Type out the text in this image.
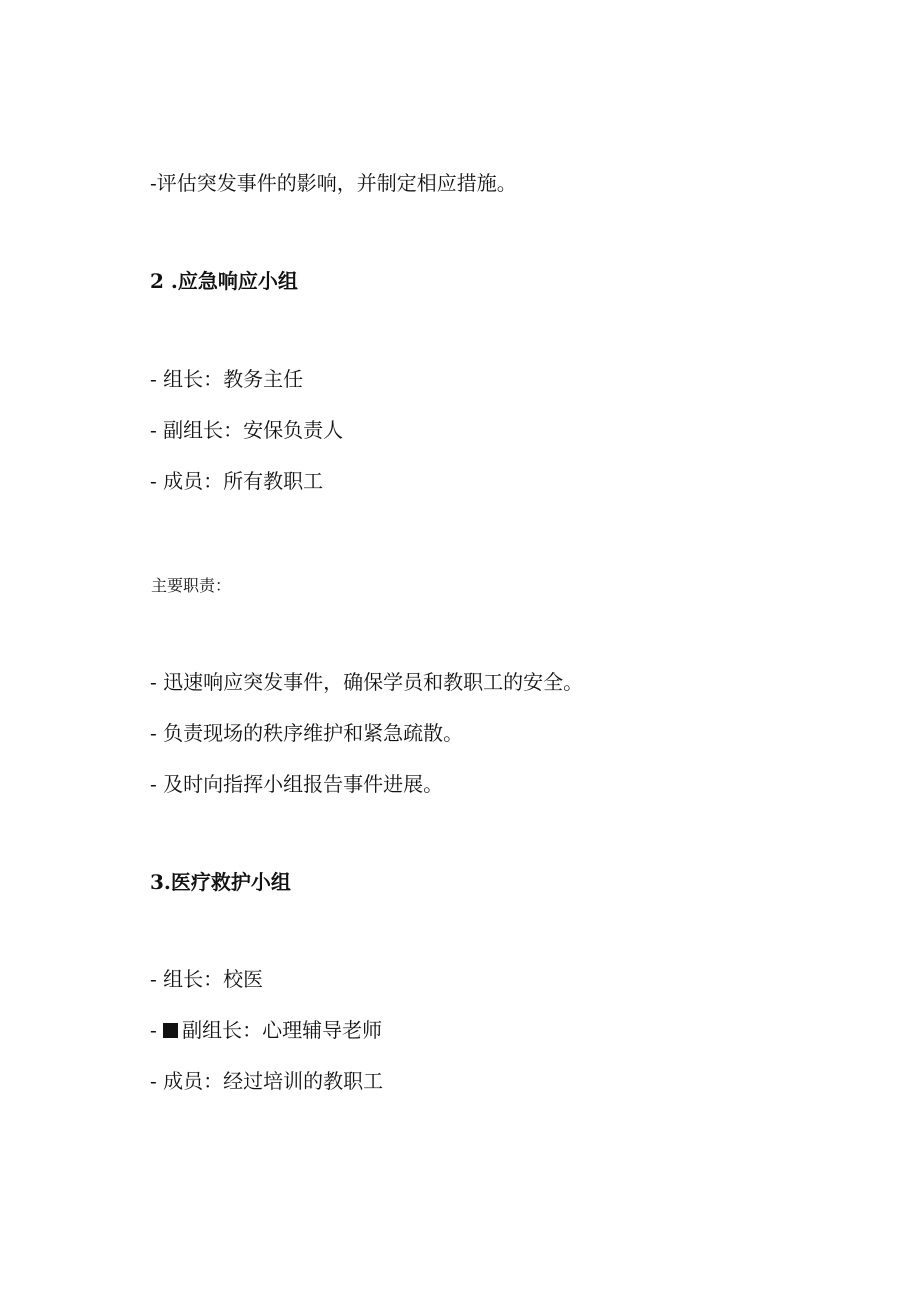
-评估突发事件的影响，并制定相应措施。
2 .应急响应小组
- 组长：教务主任
- 副组长：安保负责人
- 成员：所有教职工
主要职责：
- 迅速响应突发事件，确保学员和教职工的安全。
- 负责现场的秩序维护和紧急疏散。
- 及时向指挥小组报告事件进展。
3.医疗救护小组
- 组长：校医
- 副组长：心理辅导老师
- 成员：经过培训的教职工
